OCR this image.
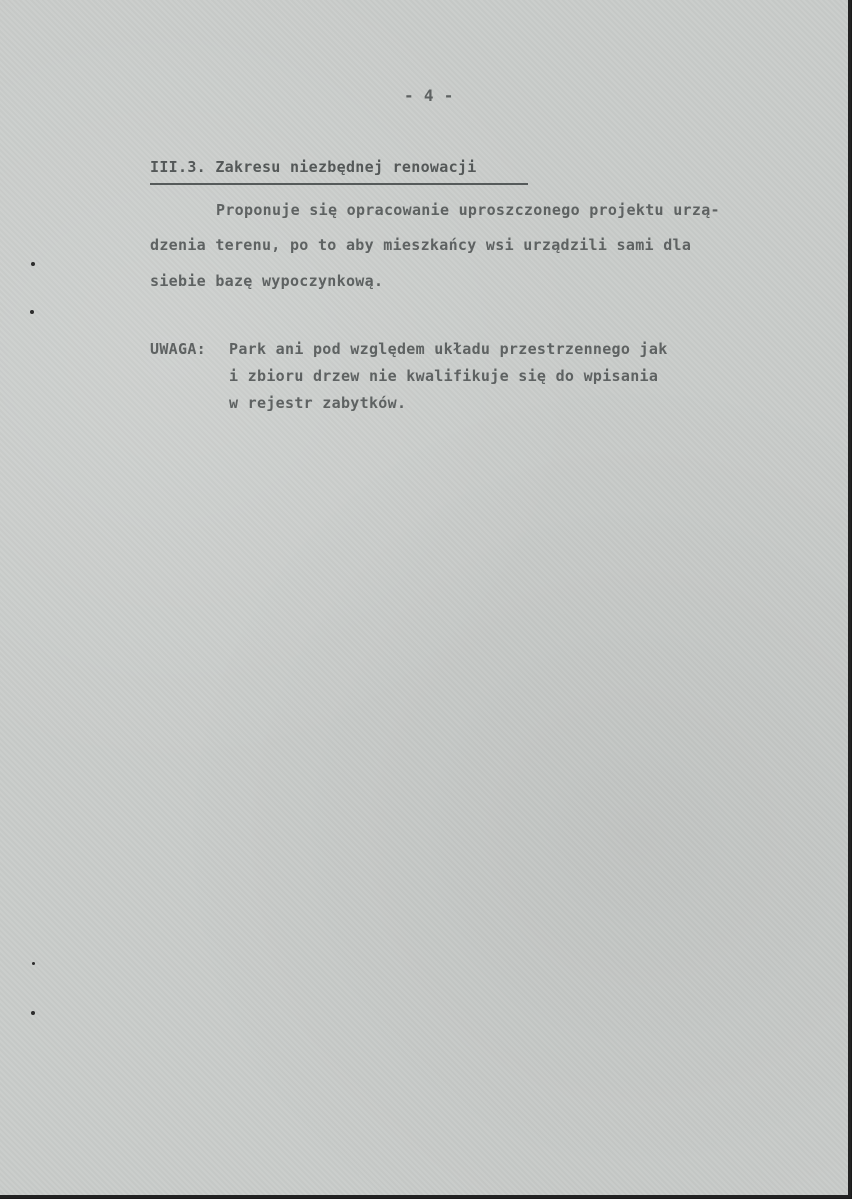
- 4 -
III.3. Zakresu niezbędnej renowacji
Proponuje się opracowanie uproszczonego projektu urzą-
dzenia terenu, po to aby mieszkańcy wsi urządzili sami dla
siebie bazę wypoczynkową.
UWAGA: Park ani pod względem układu przestrzennego jak
i zbioru drzew nie kwalifikuje się do wpisania
w rejestr zabytków.
